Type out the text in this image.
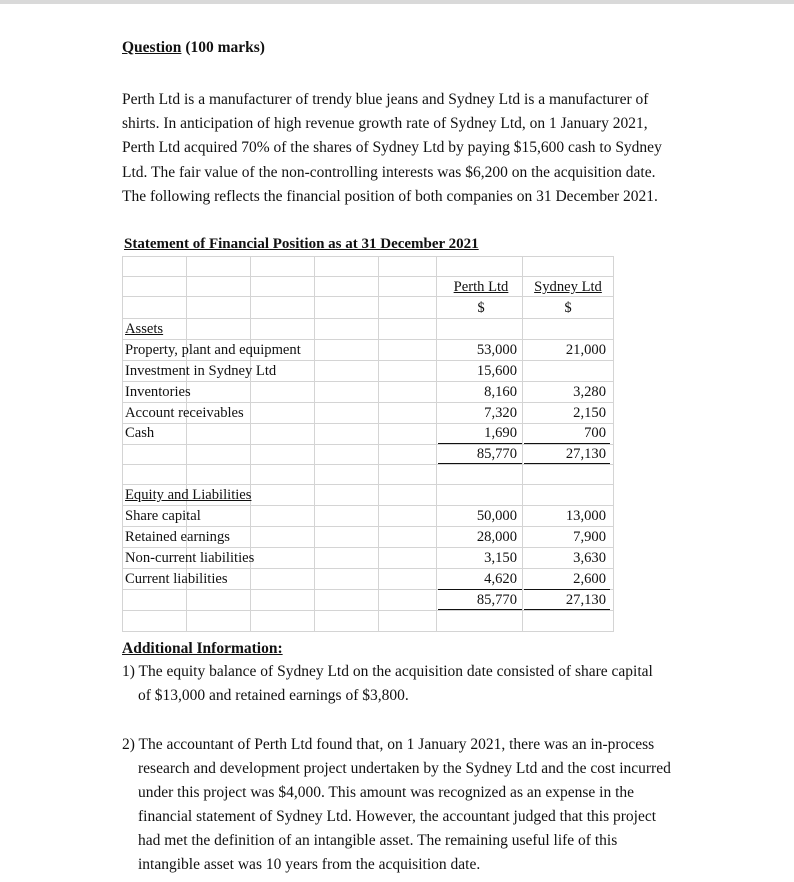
Question (100 marks)
Perth Ltd is a manufacturer of trendy blue jeans and Sydney Ltd is a manufacturer of
shirts. In anticipation of high revenue growth rate of Sydney Ltd, on 1 January 2021,
Perth Ltd acquired 70% of the shares of Sydney Ltd by paying $15,600 cash to Sydney
Ltd. The fair value of the non-controlling interests was $6,200 on the acquisition date.
The following reflects the financial position of both companies on 31 December 2021.
Statement of Financial Position as at 31 December 2021
Perth Ltd	Sydney Ltd
$	$
Assets
Property, plant and equipment	53,000	21,000
Investment in Sydney Ltd	15,600
Inventories	8,160	3,280
Account receivables	7,320	2,150
Cash	1,690	700
85,770	27,130
Equity and Liabilities
Share capital	50,000	13,000
Retained earnings	28,000	7,900
Non-current liabilities	3,150	3,630
Current liabilities	4,620	2,600
85,770	27,130
Additional Information:
1) The equity balance of Sydney Ltd on the acquisition date consisted of share capital
of $13,000 and retained earnings of $3,800.
2) The accountant of Perth Ltd found that, on 1 January 2021, there was an in-process
research and development project undertaken by the Sydney Ltd and the cost incurred
under this project was $4,000. This amount was recognized as an expense in the
financial statement of Sydney Ltd. However, the accountant judged that this project
had met the definition of an intangible asset. The remaining useful life of this
intangible asset was 10 years from the acquisition date.
